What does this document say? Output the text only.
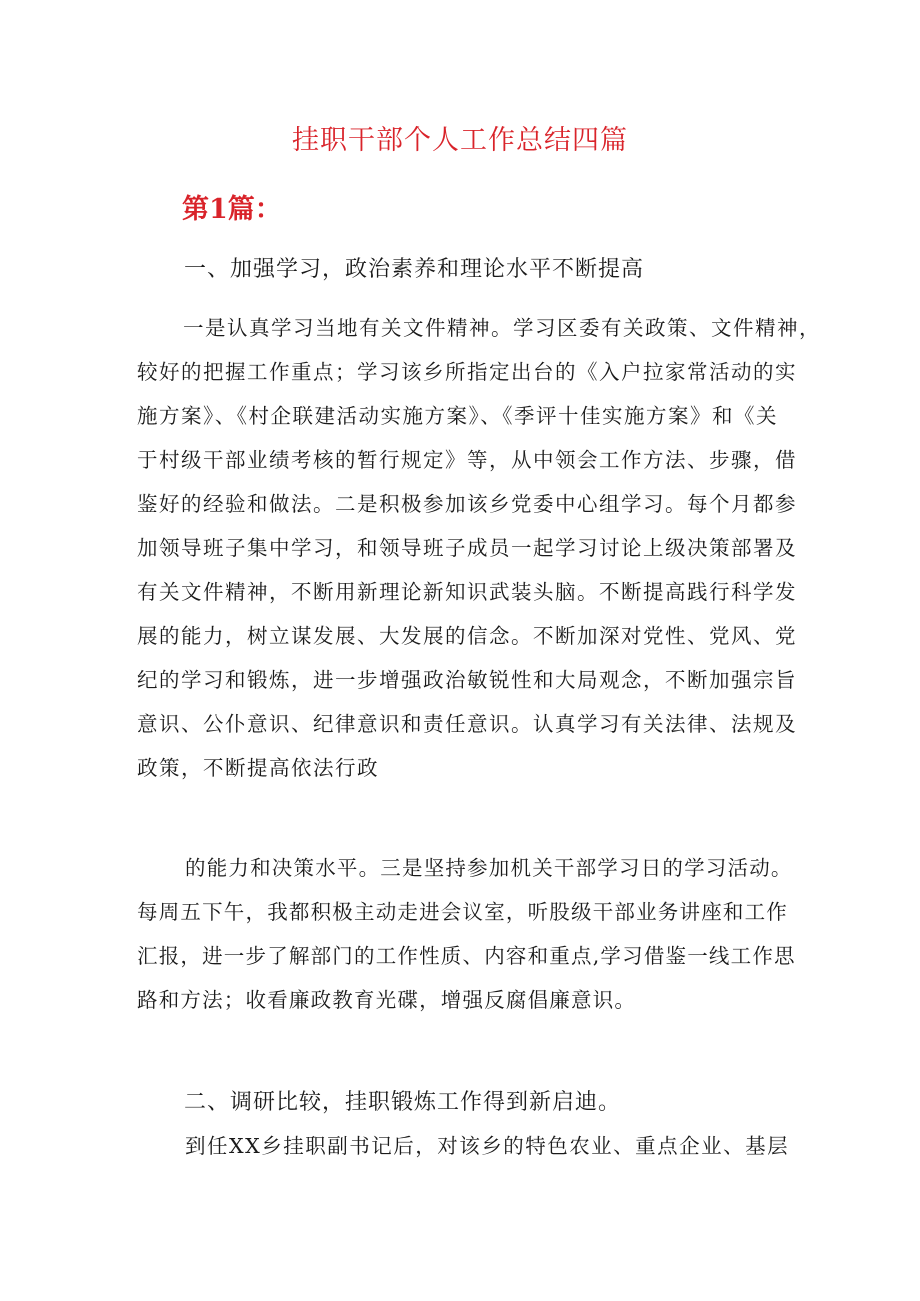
挂职干部个人工作总结四篇
第1篇：
一、加强学习，政治素养和理论水平不断提高
一是认真学习当地有关文件精神。学习区委有关政策、文件精神，
较好的把握工作重点；学习该乡所指定出台的《入户拉家常活动的实
施方案》、《村企联建活动实施方案》、《季评十佳实施方案》和《关
于村级干部业绩考核的暂行规定》等，从中领会工作方法、步骤，借
鉴好的经验和做法。二是积极参加该乡党委中心组学习。每个月都参
加领导班子集中学习，和领导班子成员一起学习讨论上级决策部署及
有关文件精神，不断用新理论新知识武装头脑。不断提高践行科学发
展的能力，树立谋发展、大发展的信念。不断加深对党性、党风、党
纪的学习和锻炼，进一步增强政治敏锐性和大局观念，不断加强宗旨
意识、公仆意识、纪律意识和责任意识。认真学习有关法律、法规及
政策，不断提高依法行政
的能力和决策水平。三是坚持参加机关干部学习日的学习活动。
每周五下午，我都积极主动走进会议室，听股级干部业务讲座和工作
汇报，进一步了解部门的工作性质、内容和重点,学习借鉴一线工作思
路和方法；收看廉政教育光碟，增强反腐倡廉意识。
二、调研比较，挂职锻炼工作得到新启迪。
到任XX乡挂职副书记后，对该乡的特色农业、重点企业、基层
